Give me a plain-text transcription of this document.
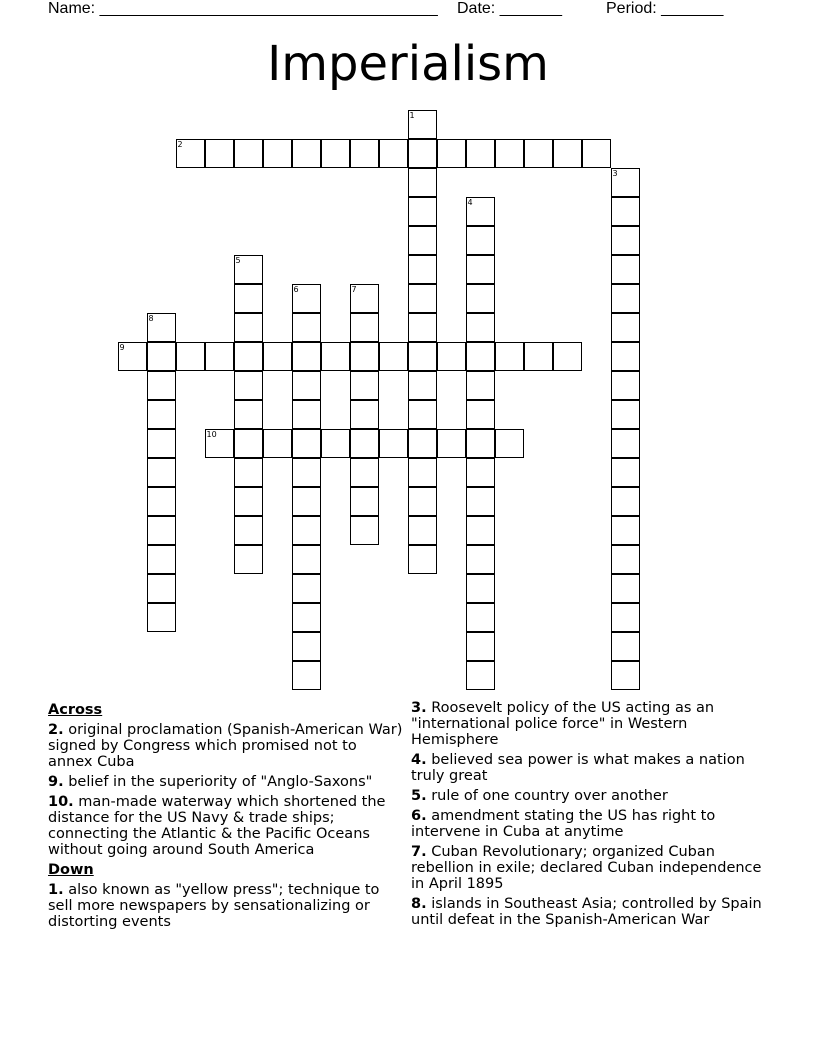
Name: ______________________________________ Date: _______	Period: _______
Imperialism
1
2
3
4
5
6	7
8
9
10
Across
2. original proclamation (Spanish-American War) signed by Congress which promised not to annex Cuba
9. belief in the superiority of "Anglo-Saxons"
10. man-made waterway which shortened the distance for the US Navy & trade ships; connecting the Atlantic & the Pacific Oceans without going around South America
Down
1. also known as "yellow press"; technique to sell more newspapers by sensationalizing or distorting events
3. Roosevelt policy of the US acting as an "international police force" in Western Hemisphere
4. believed sea power is what makes a nation truly great
5. rule of one country over another
6. amendment stating the US has right to intervene in Cuba at anytime
7. Cuban Revolutionary; organized Cuban rebellion in exile; declared Cuban independence in April 1895
8. islands in Southeast Asia; controlled by Spain until defeat in the Spanish-American War
